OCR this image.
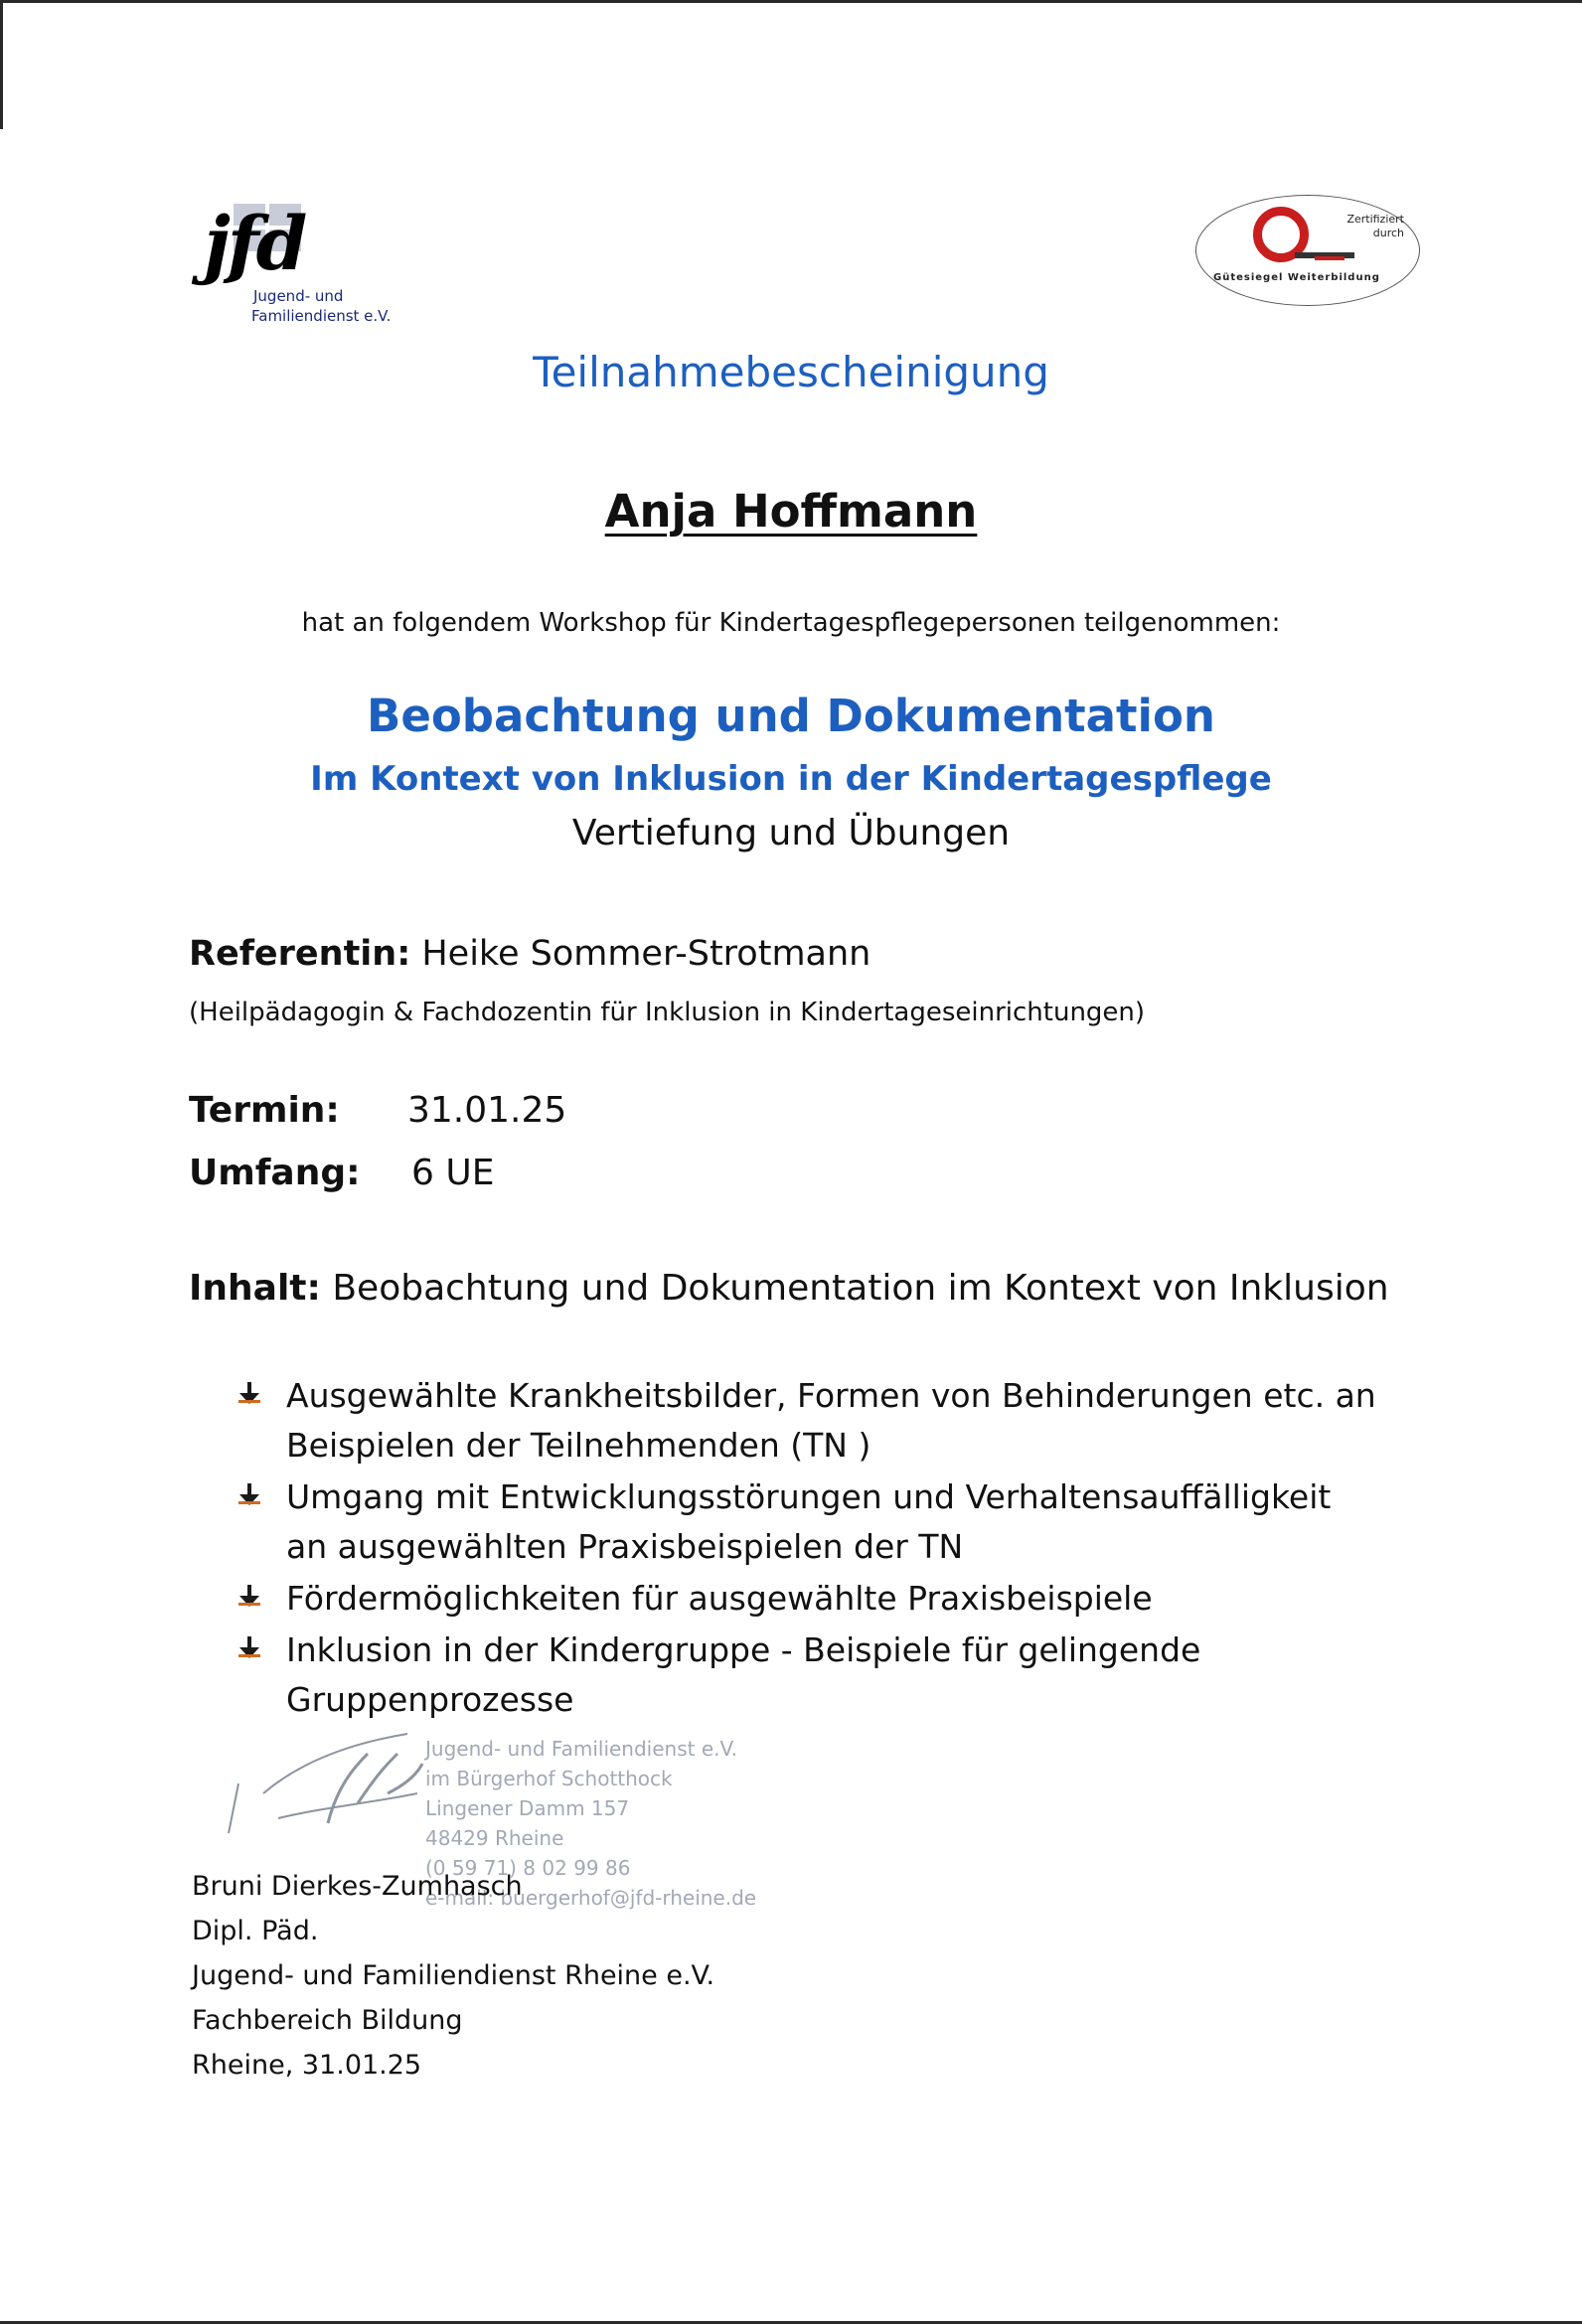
jfd
Jugend- und
Familiendienst e.V.
Zertifiziert
durch
Gütesiegel Weiterbildung
Teilnahmebescheinigung
Anja Hoffmann
hat an folgendem Workshop für Kindertagespflegepersonen teilgenommen:
Beobachtung und Dokumentation
Im Kontext von Inklusion in der Kindertagespflege
Vertiefung und Übungen
Referentin: Heike Sommer-Strotmann
(Heilpädagogin & Fachdozentin für Inklusion in Kindertageseinrichtungen)
Termin: 31.01.25
Umfang: 6 UE
Inhalt: Beobachtung und Dokumentation im Kontext von Inklusion
Ausgewählte Krankheitsbilder, Formen von Behinderungen etc. an Beispielen der Teilnehmenden (TN )
Umgang mit Entwicklungsstörungen und Verhaltensauffälligkeit an ausgewählten Praxisbeispielen der TN
Fördermöglichkeiten für ausgewählte Praxisbeispiele
Inklusion in der Kindergruppe - Beispiele für gelingende Gruppenprozesse
Jugend- und Familiendienst e.V.
im Bürgerhof Schotthock
Lingener Damm 157
48429 Rheine
(0 59 71) 8 02 99 86
e-mail: buergerhof@jfd-rheine.de
Bruni Dierkes-Zumhasch
Dipl. Päd.
Jugend- und Familiendienst Rheine e.V.
Fachbereich Bildung
Rheine, 31.01.25
